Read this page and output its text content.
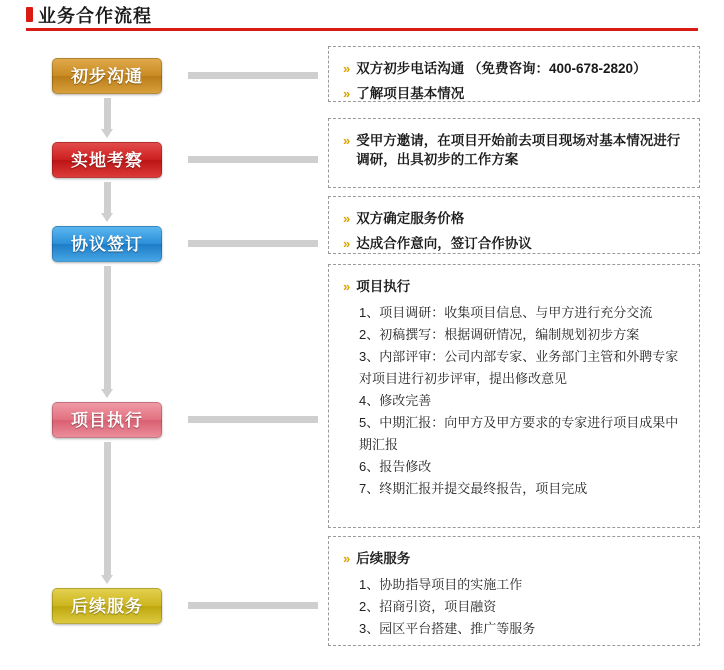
业务合作流程
初步沟通
实地考察
协议签订
项目执行
后续服务
» 双方初步电话沟通 （免费咨询：400-678-2820）
» 了解项目基本情况
» 受甲方邀请，在项目开始前去项目现场对基本情况进行调研，出具初步的工作方案
» 双方确定服务价格
» 达成合作意向，签订合作协议
» 项目执行
1、项目调研：收集项目信息、与甲方进行充分交流
2、初稿撰写：根据调研情况，编制规划初步方案
3、内部评审：公司内部专家、业务部门主管和外聘专家对项目进行初步评审，提出修改意见
4、修改完善
5、中期汇报：向甲方及甲方要求的专家进行项目成果中期汇报
6、报告修改
7、终期汇报并提交最终报告，项目完成
» 后续服务
1、协助指导项目的实施工作
2、招商引资，项目融资
3、园区平台搭建、推广等服务
